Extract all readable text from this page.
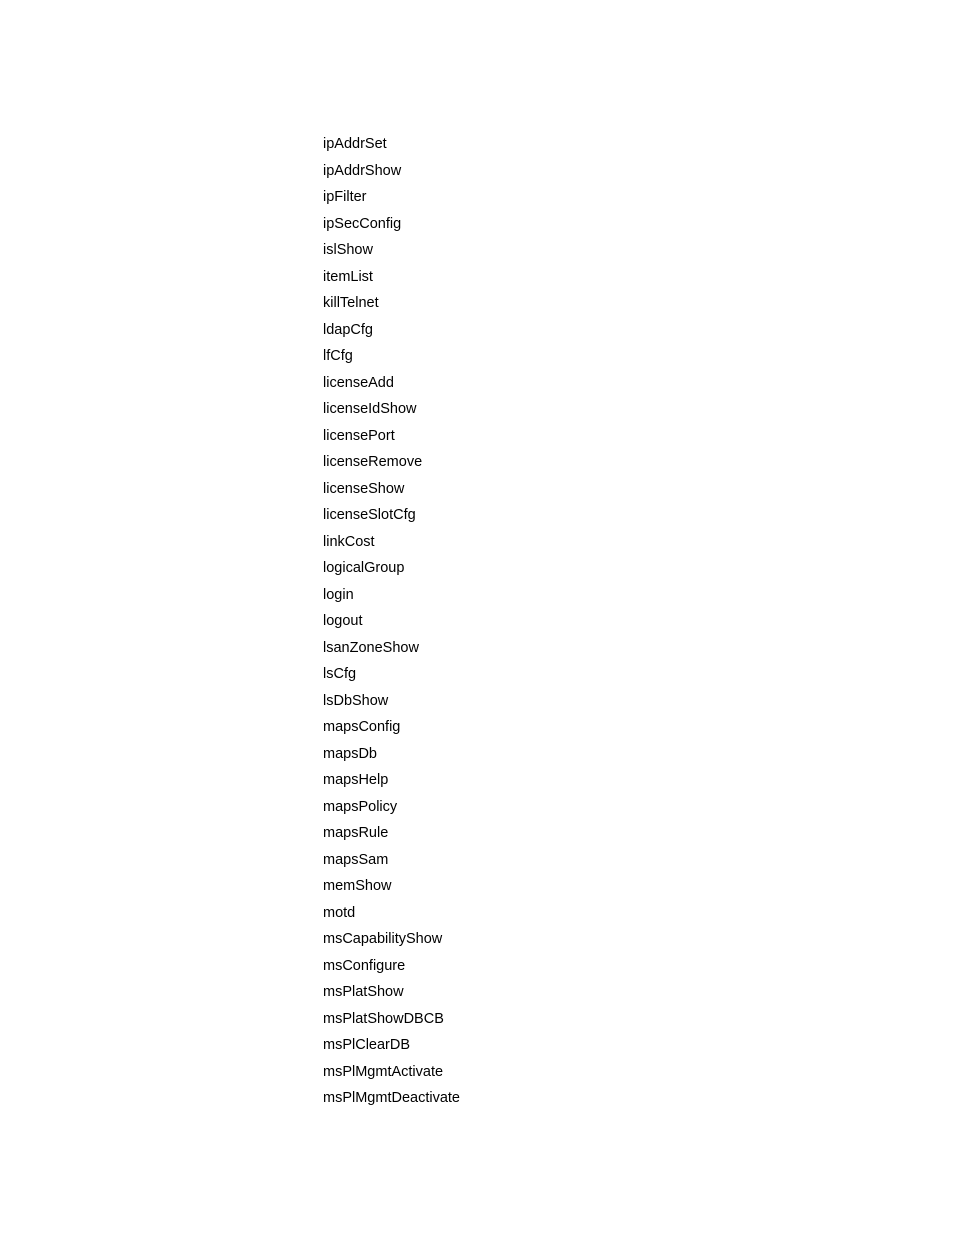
ipAddrSet
ipAddrShow
ipFilter
ipSecConfig
islShow
itemList
killTelnet
ldapCfg
lfCfg
licenseAdd
licenseIdShow
licensePort
licenseRemove
licenseShow
licenseSlotCfg
linkCost
logicalGroup
login
logout
lsanZoneShow
lsCfg
lsDbShow
mapsConfig
mapsDb
mapsHelp
mapsPolicy
mapsRule
mapsSam
memShow
motd
msCapabilityShow
msConfigure
msPlatShow
msPlatShowDBCB
msPlClearDB
msPlMgmtActivate
msPlMgmtDeactivate
